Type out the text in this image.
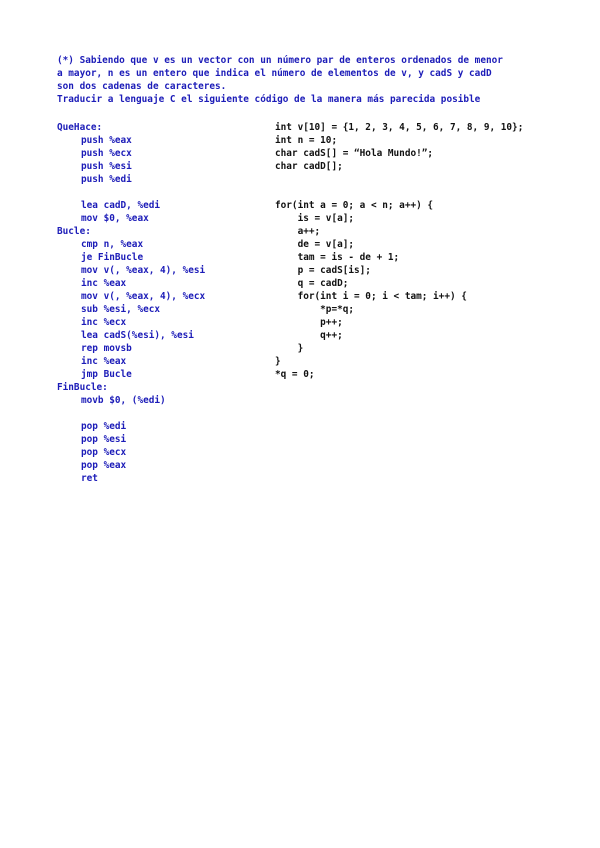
(*) Sabiendo que v es un vector con un número par de enteros ordenados de menor
a mayor, n es un entero que indica el número de elementos de v, y cadS y cadD
son dos cadenas de caracteres.
Traducir a lenguaje C el siguiente código de la manera más parecida posible
QueHace:
push %eax
push %ecx
push %esi
push %edi
lea cadD, %edi
mov $0, %eax
Bucle:
cmp n, %eax
je FinBucle
mov v(, %eax, 4), %esi
inc %eax
mov v(, %eax, 4), %ecx
sub %esi, %ecx
inc %ecx
lea cadS(%esi), %esi
rep movsb
inc %eax
jmp Bucle
FinBucle:
movb $0, (%edi)
pop %edi
pop %esi
pop %ecx
pop %eax
ret
int v[10] = {1, 2, 3, 4, 5, 6, 7, 8, 9, 10};
int n = 10;
char cadS[] = “Hola Mundo!”;
char cadD[];
for(int a = 0; a < n; a++) {
is = v[a];
a++;
de = v[a];
tam = is - de + 1;
p = cadS[is];
q = cadD;
for(int i = 0; i < tam; i++) {
*p=*q;
p++;
q++;
}
}
*q = 0;
